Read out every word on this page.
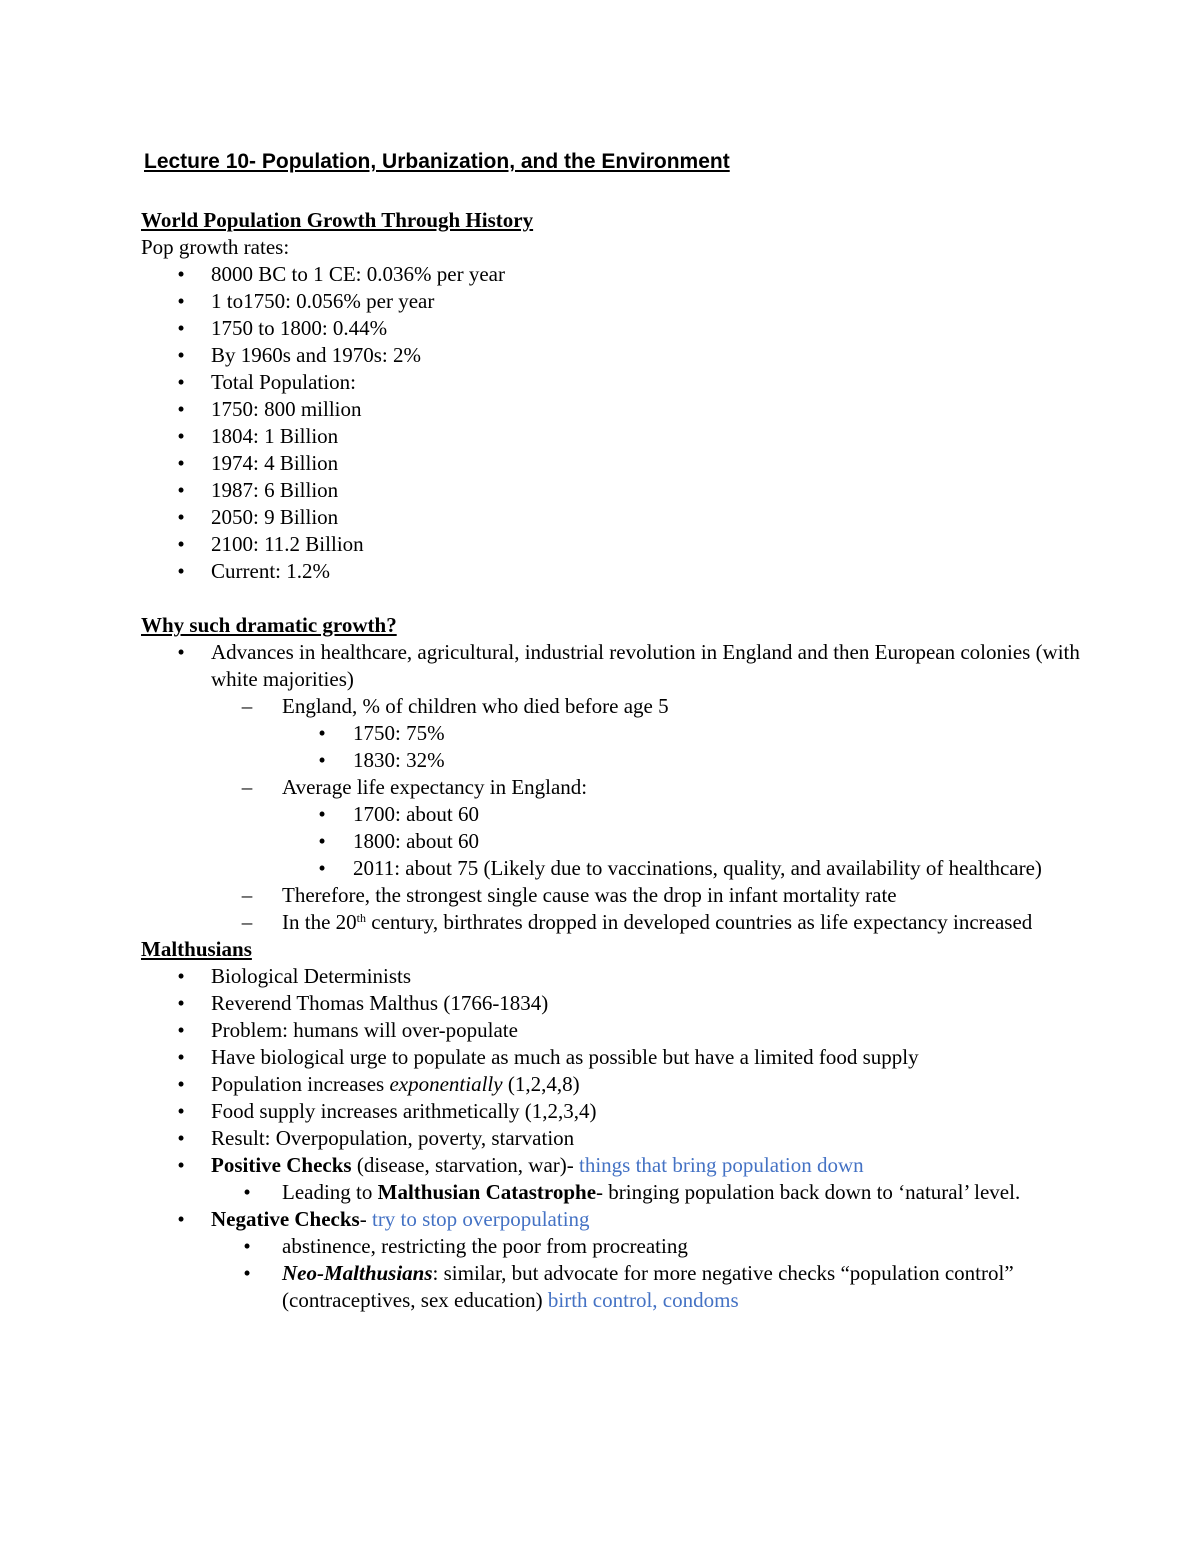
Lecture 10- Population, Urbanization, and the Environment
World Population Growth Through History
Pop growth rates:
•	8000 BC to 1 CE: 0.036% per year
•	1 to1750: 0.056% per year
•	1750 to 1800: 0.44%
•	By 1960s and 1970s: 2%
•	Total Population:
•	1750: 800 million
•	1804: 1 Billion
•	1974: 4 Billion
•	1987: 6 Billion
•	2050: 9 Billion
•	2100: 11.2 Billion
•	Current: 1.2%
Why such dramatic growth?
•	Advances in healthcare, agricultural, industrial revolution in England and then European colonies (with white majorities)
– England, % of children who died before age 5
•	1750: 75%
•	1830: 32%
– Average life expectancy in England:
•	1700: about 60
•	1800: about 60
•	2011: about 75 (Likely due to vaccinations, quality, and availability of healthcare)
– Therefore, the strongest single cause was the drop in infant mortality rate
– In the 20th century, birthrates dropped in developed countries as life expectancy increased
Malthusians
•	Biological Determinists
•	Reverend Thomas Malthus (1766-1834)
•	Problem: humans will over-populate
•	Have biological urge to populate as much as possible but have a limited food supply
•	Population increases exponentially (1,2,4,8)
•	Food supply increases arithmetically (1,2,3,4)
•	Result: Overpopulation, poverty, starvation
•	Positive Checks (disease, starvation, war)- things that bring population down
•	Leading to Malthusian Catastrophe- bringing population back down to ‘natural’ level.
•	Negative Checks- try to stop overpopulating
•	abstinence, restricting the poor from procreating
•	Neo-Malthusians: similar, but advocate for more negative checks “population control” (contraceptives, sex education) birth control, condoms
